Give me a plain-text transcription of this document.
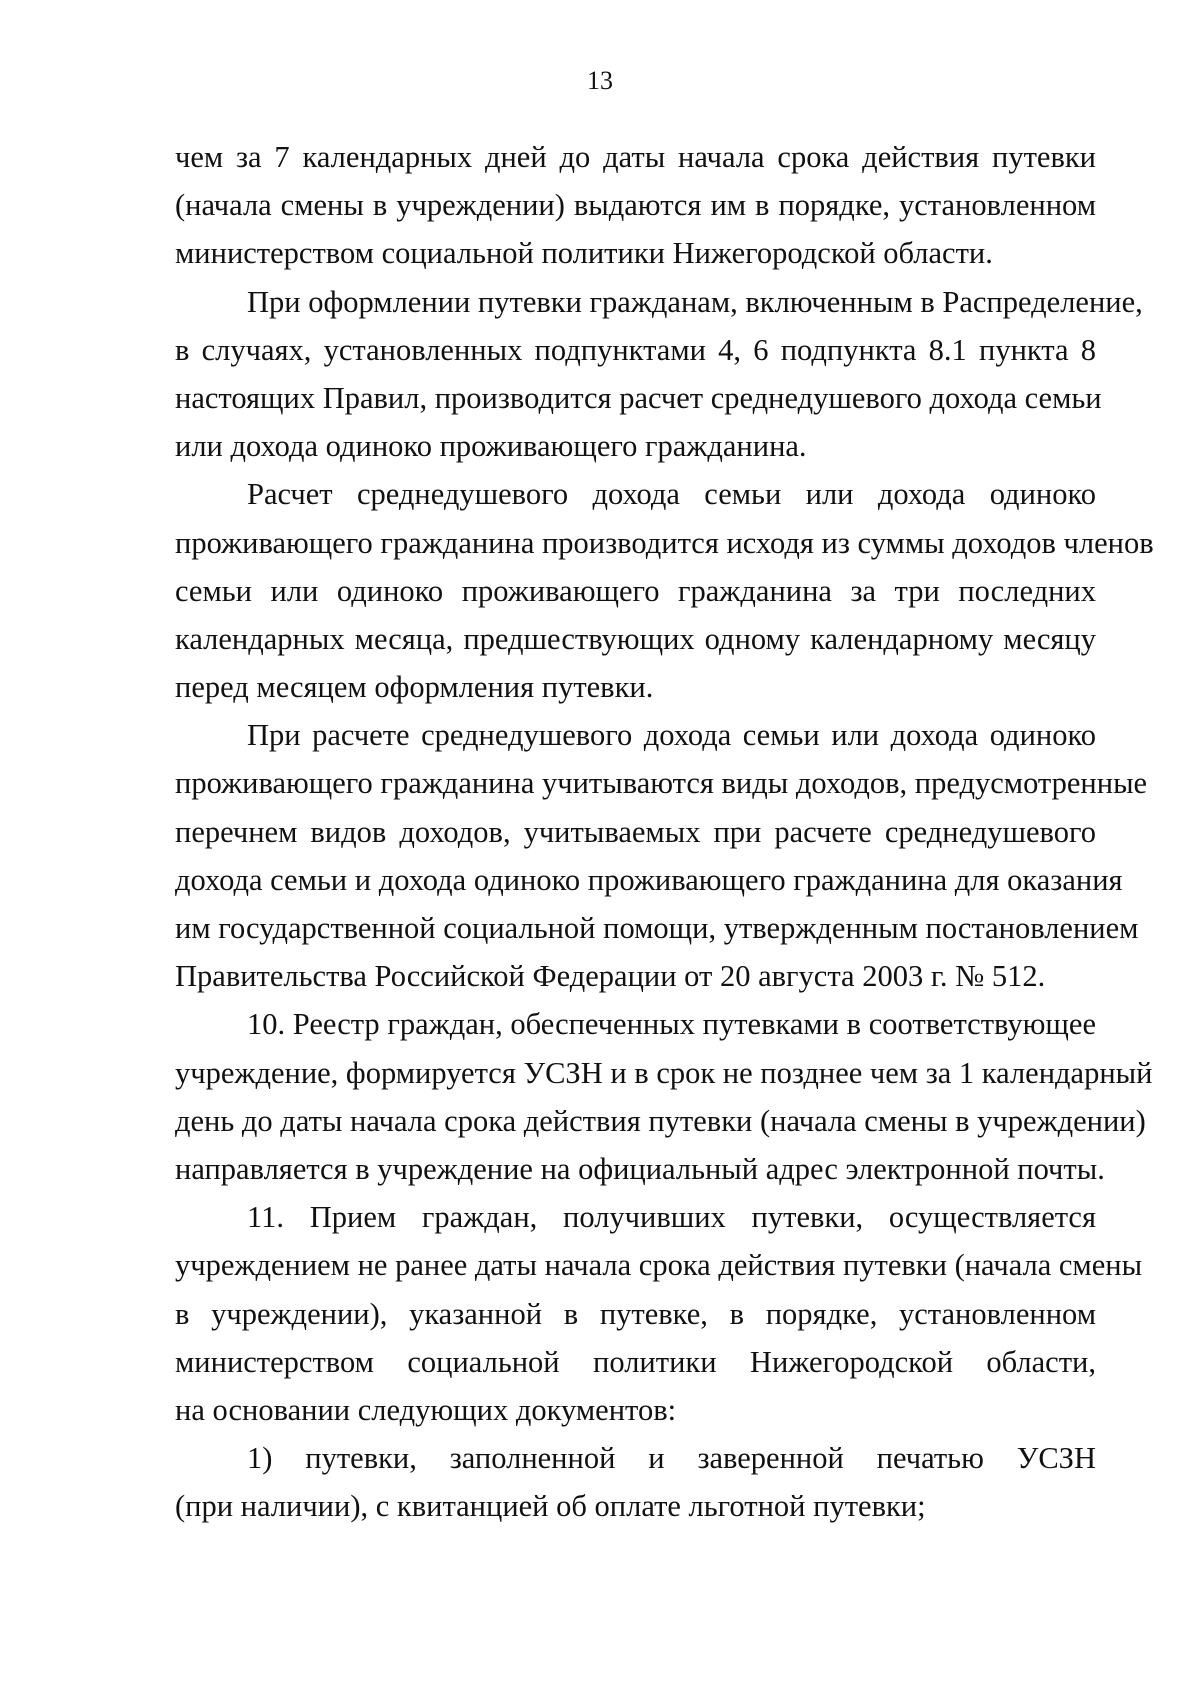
13
чем за 7 календарных дней до даты начала срока действия путевки
(начала смены в учреждении) выдаются им в порядке, установленном
министерством социальной политики Нижегородской области.
При оформлении путевки гражданам, включенным в Распределение,
в случаях, установленных подпунктами 4, 6 подпункта 8.1 пункта 8
настоящих Правил, производится расчет среднедушевого дохода семьи
или дохода одиноко проживающего гражданина.
Расчет среднедушевого дохода семьи или дохода одиноко
проживающего гражданина производится исходя из суммы доходов членов
семьи или одиноко проживающего гражданина за три последних
календарных месяца, предшествующих одному календарному месяцу
перед месяцем оформления путевки.
При расчете среднедушевого дохода семьи или дохода одиноко
проживающего гражданина учитываются виды доходов, предусмотренные
перечнем видов доходов, учитываемых при расчете среднедушевого
дохода семьи и дохода одиноко проживающего гражданина для оказания
им государственной социальной помощи, утвержденным постановлением
Правительства Российской Федерации от 20 августа 2003 г. № 512.
10. Реестр граждан, обеспеченных путевками в соответствующее
учреждение, формируется УСЗН и в срок не позднее чем за 1 календарный
день до даты начала срока действия путевки (начала смены в учреждении)
направляется в учреждение на официальный адрес электронной почты.
11. Прием граждан, получивших путевки, осуществляется
учреждением не ранее даты начала срока действия путевки (начала смены
в учреждении), указанной в путевке, в порядке, установленном
министерством социальной политики Нижегородской области,
на основании следующих документов:
1) путевки, заполненной и заверенной печатью УСЗН
(при наличии), с квитанцией об оплате льготной путевки;
